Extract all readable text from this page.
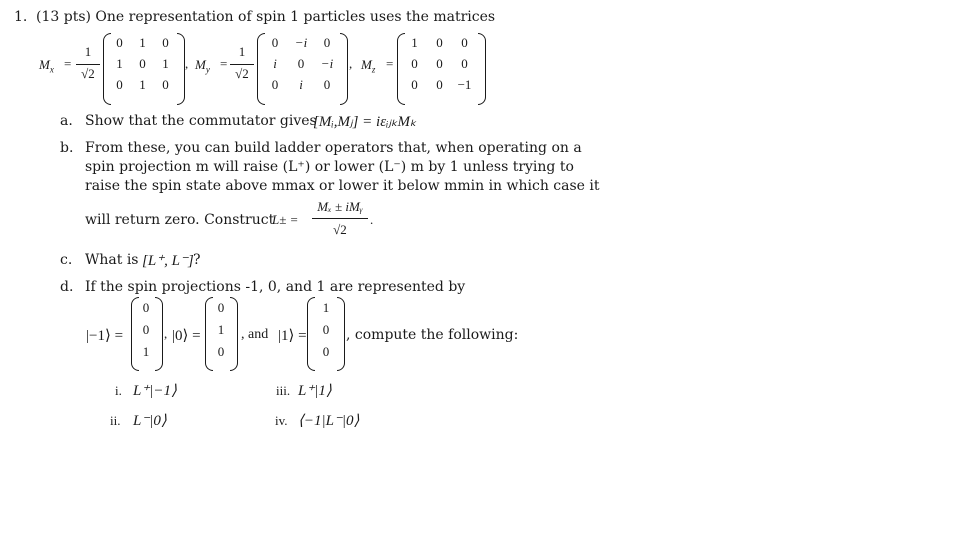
1. (13 pts) One representation of spin 1 particles uses the matrices
$M_x$ =
1
√2
0	1	0
1	0	1
0	1	0
, $M_y$ =
1
√2
0	−i	0
i	0	−i
0	i	0
, $M_z$ =
1	0	0
0	0	0
0	0	−1
a. Show that the commutator gives
[Mᵢ,Mⱼ] = iεᵢⱼₖMₖ
b. From these, you can build ladder operators that, when operating on a
spin projection m will raise (L⁺) or lower (L⁻) m by 1 unless trying to
raise the spin state above mmax or lower it below mmin in which case it
will return zero. Construct
L± =
Mₓ ± iMᵧ
√2
.
c. What is [L⁺, L⁻] ?
d. If the spin projections -1, 0, and 1 are represented by
|−1⟩ =
0
0
1
, |0⟩ =
0
1
0
, and |1⟩ =
1
0
0
, compute the following:
i. L⁺|−1⟩
ii. L⁻|0⟩
iii. L⁺|1⟩
iv. ⟨−1|L⁻|0⟩
